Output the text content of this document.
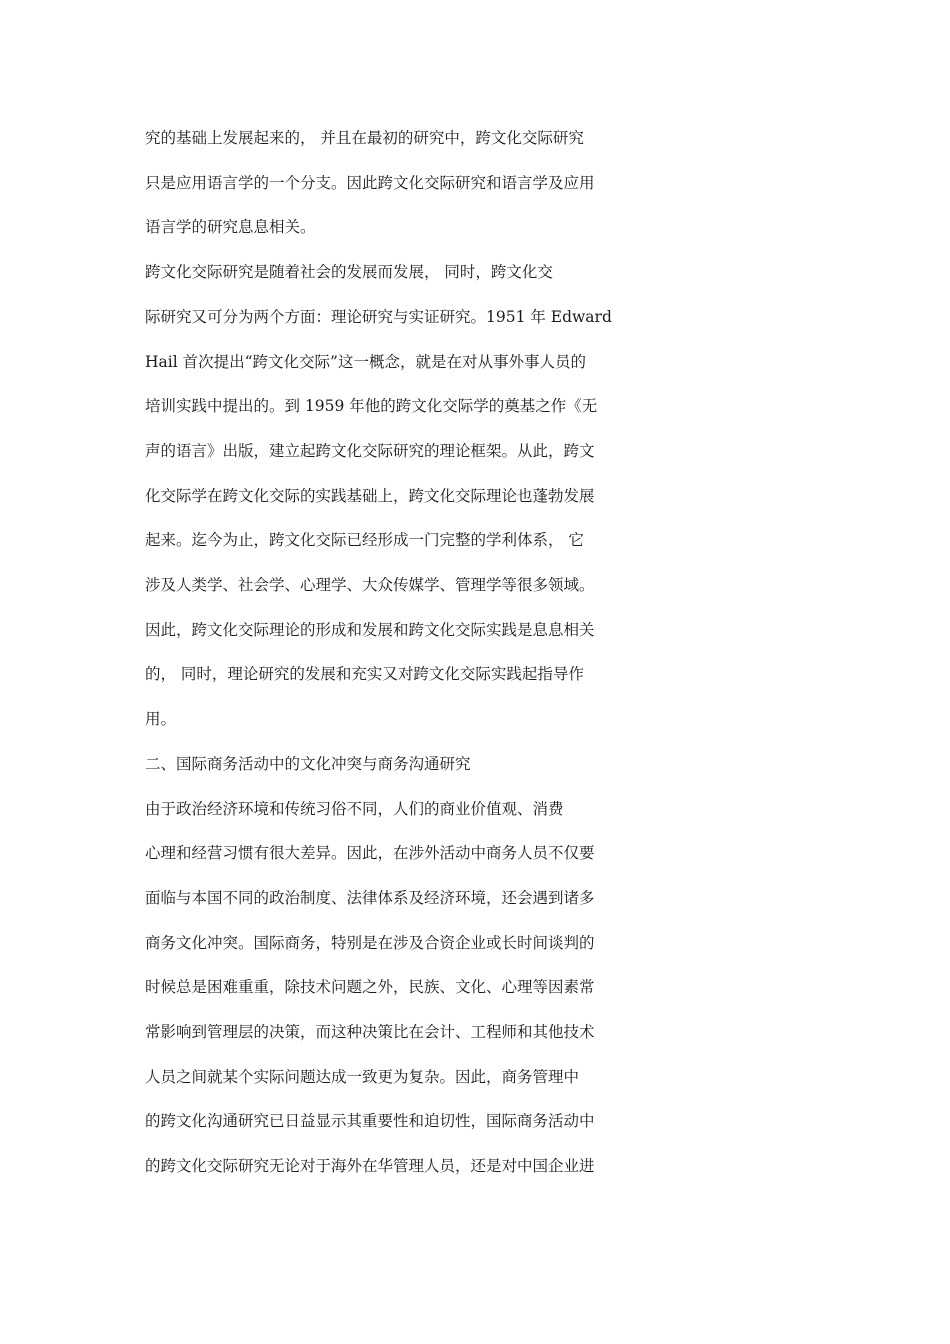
究的基础上发展起来的， 并且在最初的研究中，跨文化交际研究
只是应用语言学的一个分支。因此跨文化交际研究和语言学及应用
语言学的研究息息相关。
跨文化交际研究是随着社会的发展而发展， 同时，跨文化交
际研究又可分为两个方面：理论研究与实证研究。1951 年 Edward
Hail 首次提出“跨文化交际”这一概念，就是在对从事外事人员的
培训实践中提出的。到 1959 年他的跨文化交际学的奠基之作《无
声的语言》出版，建立起跨文化交际研究的理论框架。从此，跨文
化交际学在跨文化交际的实践基础上，跨文化交际理论也蓬勃发展
起来。迄今为止，跨文化交际已经形成一门完整的学利体系， 它
涉及人类学、社会学、心理学、大众传媒学、管理学等很多领域。
因此，跨文化交际理论的形成和发展和跨文化交际实践是息息相关
的， 同时，理论研究的发展和充实又对跨文化交际实践起指导作
用。
二、国际商务活动中的文化冲突与商务沟通研究
由于政治经济环境和传统习俗不同，人们的商业价值观、消费
心理和经营习惯有很大差异。因此，在涉外活动中商务人员不仅要
面临与本国不同的政治制度、法律体系及经济环境，还会遇到诸多
商务文化冲突。国际商务，特别是在涉及合资企业或长时间谈判的
时候总是困难重重，除技术问题之外，民族、文化、心理等因素常
常影响到管理层的决策，而这种决策比在会计、工程师和其他技术
人员之间就某个实际问题达成一致更为复杂。因此，商务管理中
的跨文化沟通研究已日益显示其重要性和迫切性，国际商务活动中
的跨文化交际研究无论对于海外在华管理人员，还是对中国企业进
